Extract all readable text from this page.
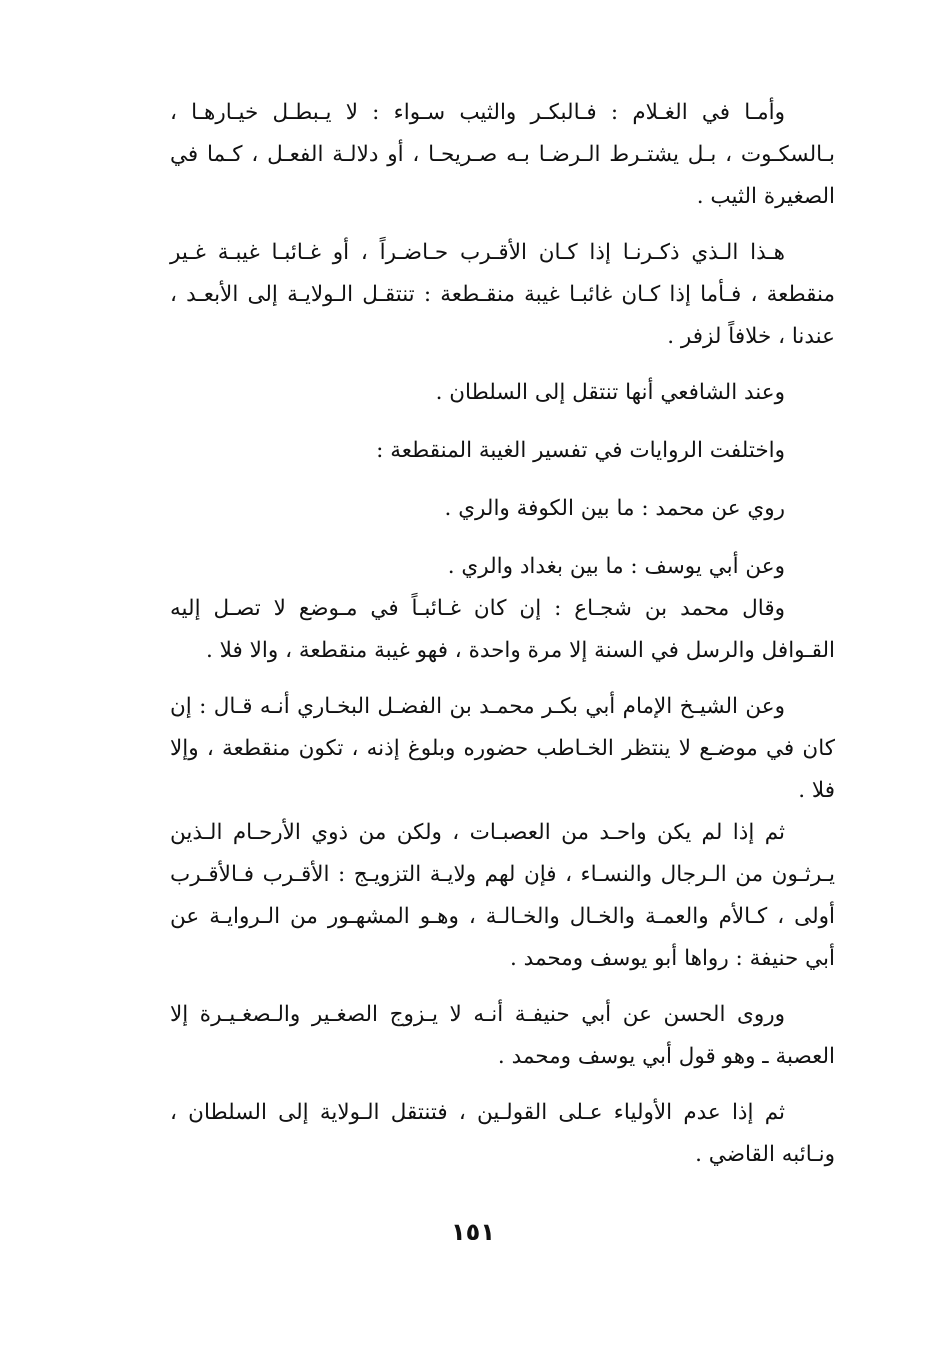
وأمـا في الغـلام : فـالبكـر والثيب سـواء : لا يـبطـل خيـارهـا ، بـالسكـوت ، بـل يشتـرط الـرضـا بـه صـريحـا ، أو دلالـة الفعـل ، كـما في الصغيرة الثيب .

هـذا الـذي ذكـرنـا إذا كـان الأقـرب حـاضـراً ، أو غـائبـا غيبـة غـير منقطعة ، فـأما إذا كـان غائبـا غيبة منقـطعة : تنتقـل الـولايـة إلى الأبعـد ، عندنا ، خلافاً لزفر .

وعند الشافعي أنها تنتقل إلى السلطان .

واختلفت الروايات في تفسير الغيبة المنقطعة :

روي عن محمد : ما بين الكوفة والري .

وعن أبي يوسف : ما بين بغداد والري .

وقال محمد بن شجـاع : إن كان غـائبـاً في مـوضع لا تصـل إليه القـوافل والرسل في السنة إلا مرة واحدة ، فهو غيبة منقطعة ، والا فلا .

وعن الشيـخ الإمام أبي بكـر محمـد بن الفضـل البخـاري أنـه قـال : إن كان في موضـع لا ينتظر الخـاطب حضوره وبلوغ إذنه ، تكون منقطعة ، وإلا فلا .

ثم إذا لم يكن واحـد من العصبـات ، ولكن من ذوي الأرحـام الـذين يـرثـون من الـرجال والنسـاء ، فإن لهم ولايـة التزويـج : الأقـرب فـالأقـرب أولى ، كـالأم والعمـة والخـال والخـالـة ، وهـو المشهـور من الـروايـة عن أبي حنيفة : رواها أبو يوسف ومحمد .

وروى الحسن عن أبي حنيفـة أنـه لا يـزوج الصغـير والـصغـيـرة إلا العصبة ـ وهو قول أبي يوسف ومحمد .

ثم إذا عدم الأولياء عـلى القولـين ، فتنتقل الـولاية إلى السلطان ، ونـائبه القاضي .

١٥١
